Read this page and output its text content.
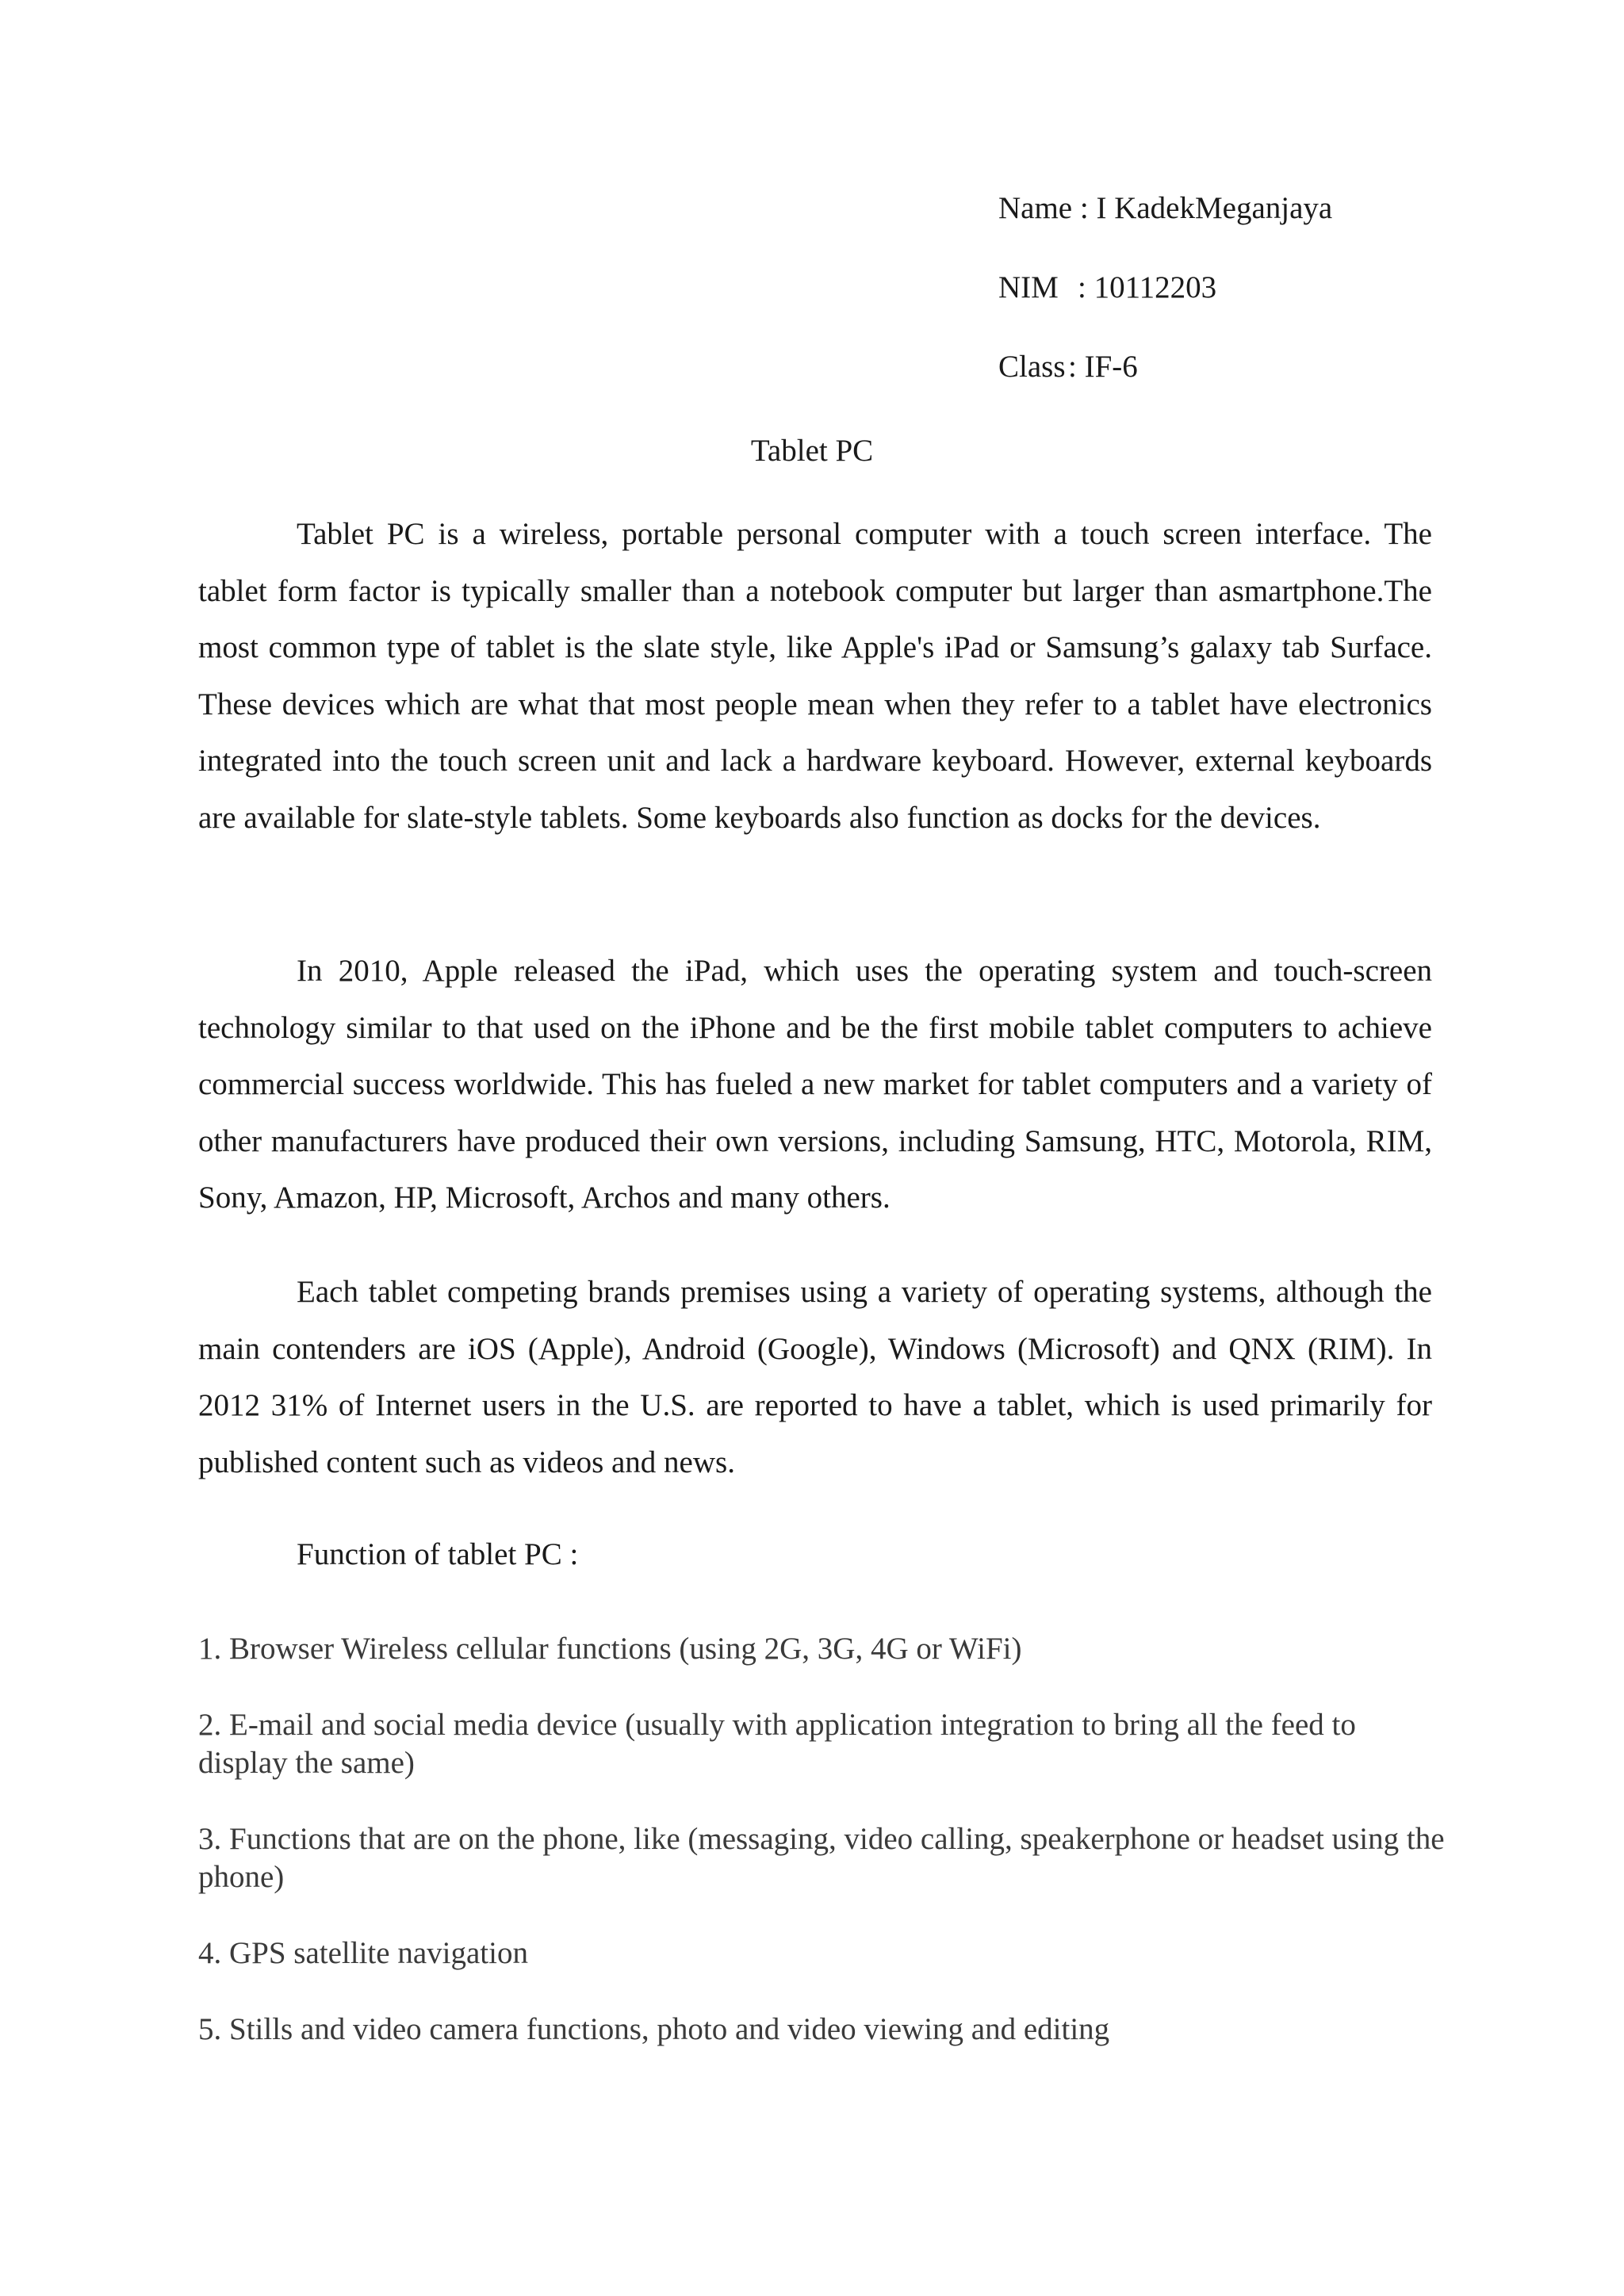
Name : I KadekMeganjaya
NIM : 10112203
Class : IF-6
Tablet PC

Tablet PC is a wireless, portable personal computer with a touch screen interface. The tablet form factor is typically smaller than a notebook computer but larger than asmartphone.The most common type of tablet is the slate style, like Apple's iPad or Samsung’s galaxy tab Surface. These devices which are what that most people mean when they refer to a tablet have electronics integrated into the touch screen unit and lack a hardware keyboard. However, external keyboards are available for slate-style tablets. Some keyboards also function as docks for the devices.

In 2010, Apple released the iPad, which uses the operating system and touch-screen technology similar to that used on the iPhone and be the first mobile tablet computers to achieve commercial success worldwide. This has fueled a new market for tablet computers and a variety of other manufacturers have produced their own versions, including Samsung, HTC, Motorola, RIM, Sony, Amazon, HP, Microsoft, Archos and many others.

Each tablet competing brands premises using a variety of operating systems, although the main contenders are iOS (Apple), Android (Google), Windows (Microsoft) and QNX (RIM). In 2012 31% of Internet users in the U.S. are reported to have a tablet, which is used primarily for published content such as videos and news.

Function of tablet PC :
1. Browser Wireless cellular functions (using 2G, 3G, 4G or WiFi)
2. E-mail and social media device (usually with application integration to bring all the feed to display the same)
3. Functions that are on the phone, like (messaging, video calling, speakerphone or headset using the phone)
4. GPS satellite navigation
5. Stills and video camera functions, photo and video viewing and editing
